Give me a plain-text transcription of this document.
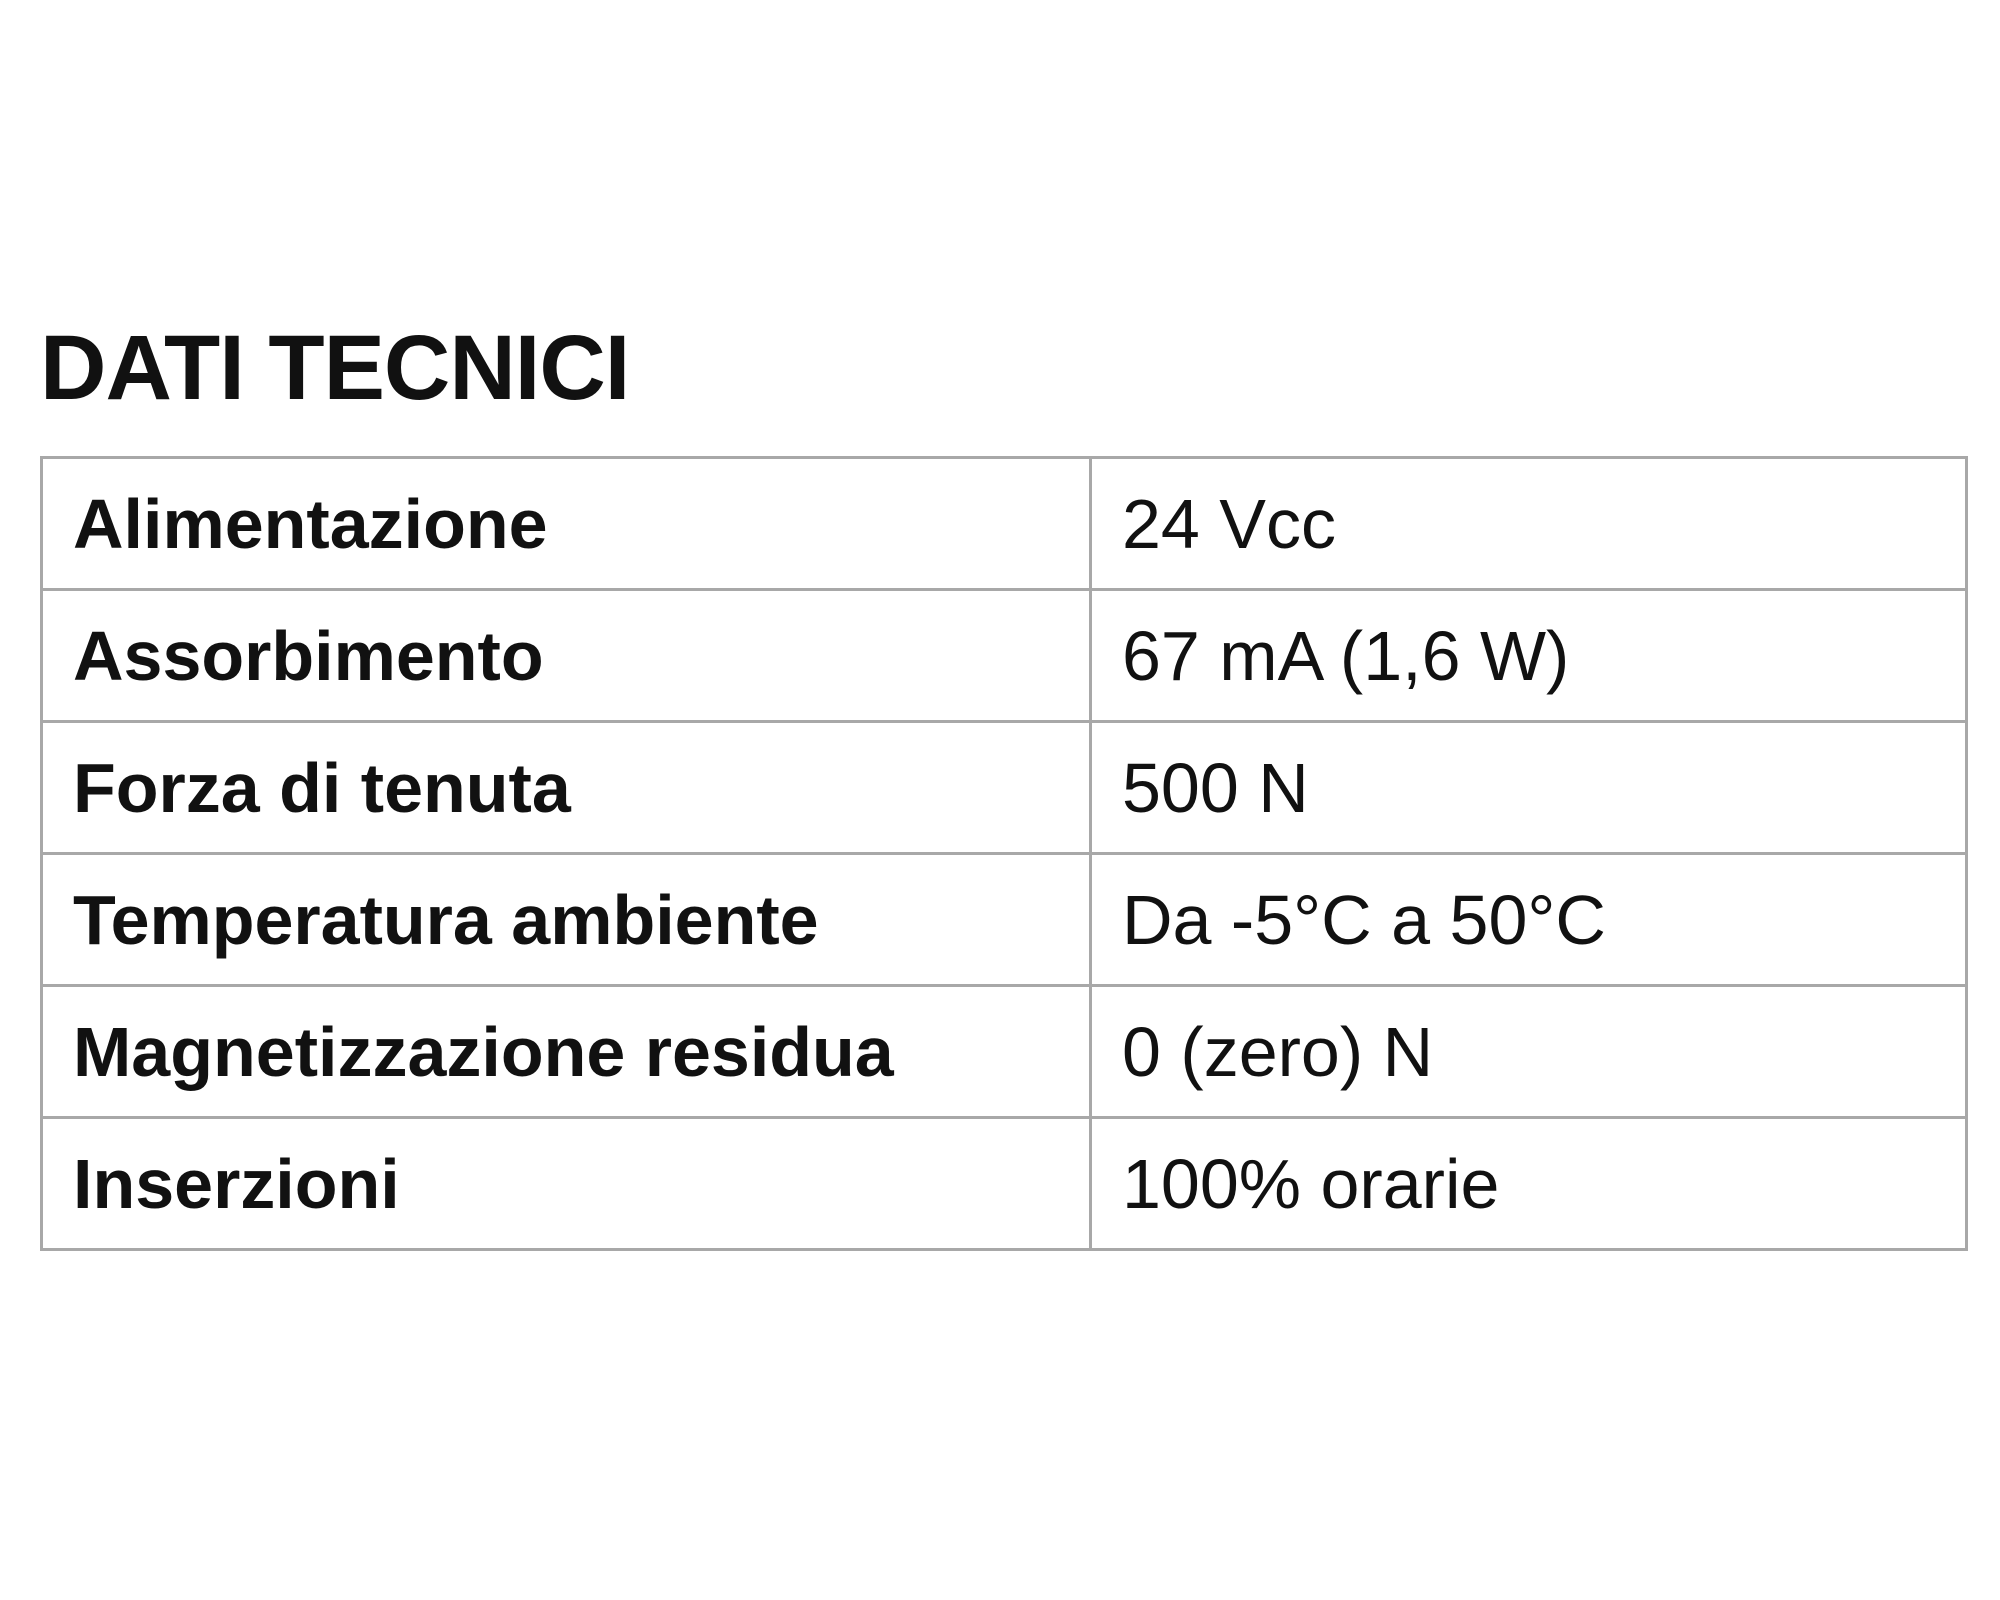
DATI TECNICI
Alimentazione	24 Vcc
Assorbimento	67 mA (1,6 W)
Forza di tenuta	500 N
Temperatura ambiente	Da -5°C a 50°C
Magnetizzazione residua	0 (zero) N
Inserzioni	100% orarie
